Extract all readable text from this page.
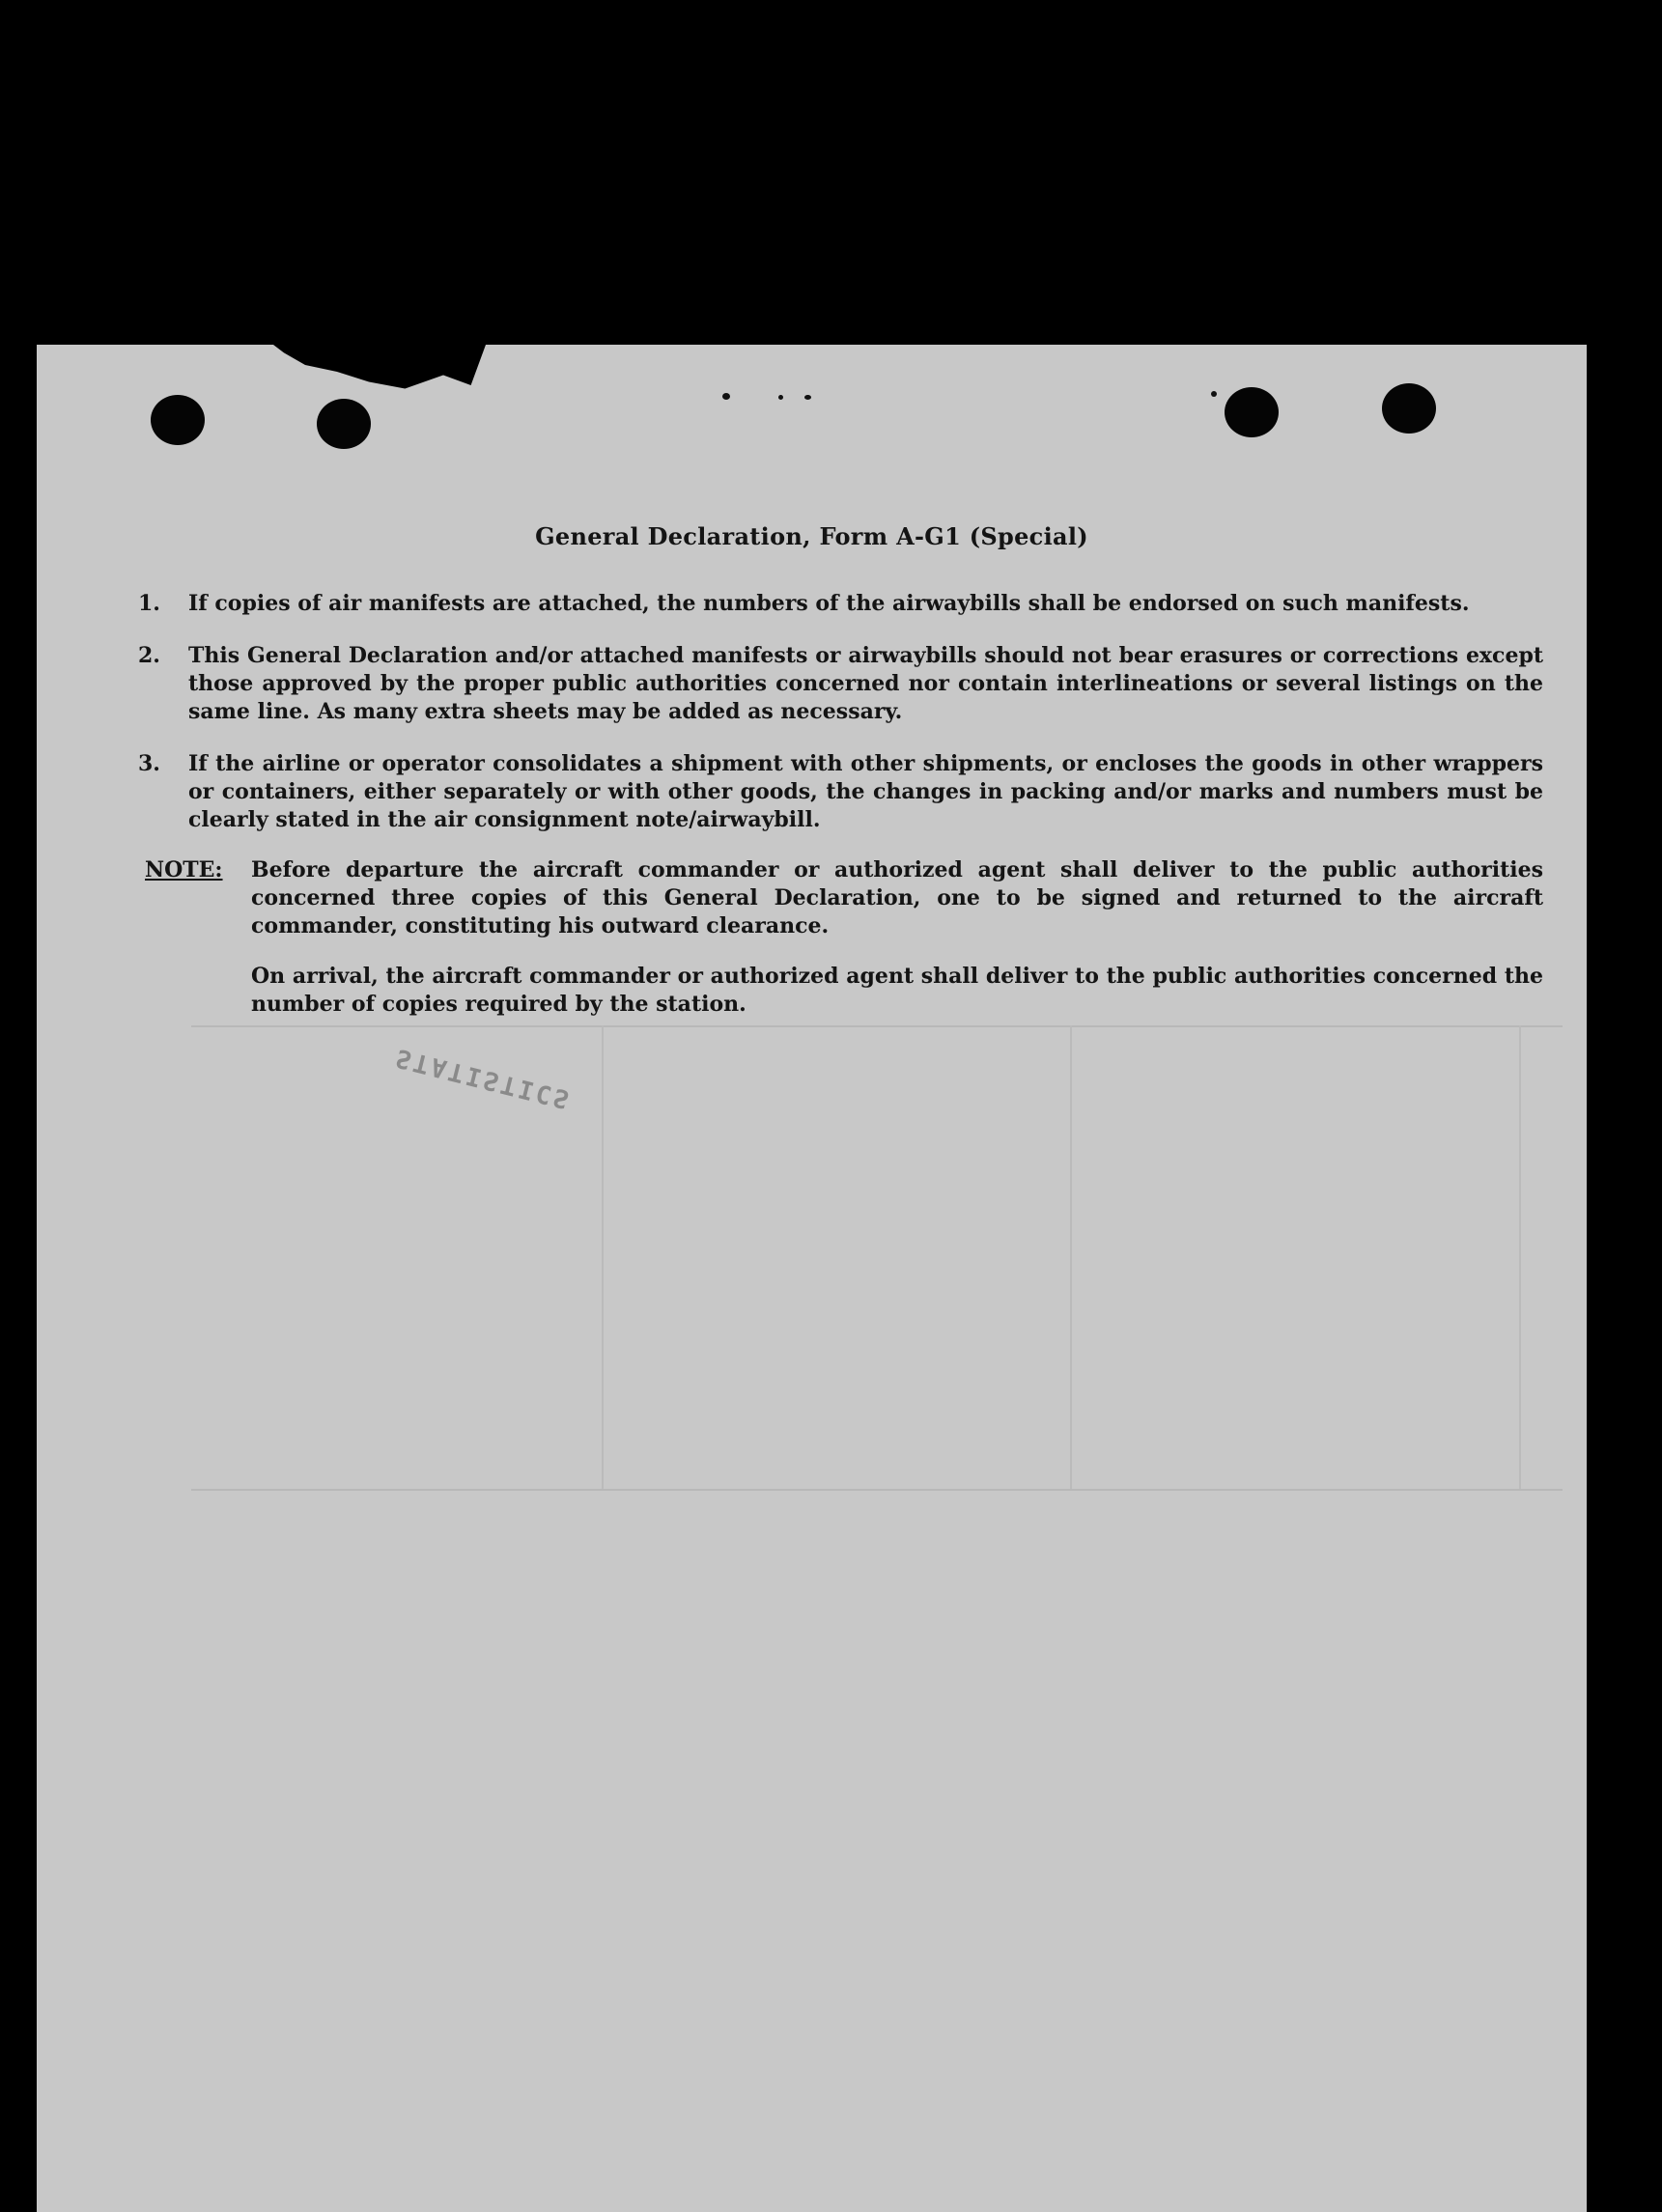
General Declaration, Form A-G1 (Special)
1. If copies of air manifests are attached, the numbers of the airwaybills shall be endorsed on such manifests.
2. This General Declaration and/or attached manifests or airwaybills should not bear erasures or corrections except those approved by the proper public authorities concerned nor contain interlineations or several listings on the same line. As many extra sheets may be added as necessary.
3. If the airline or operator consolidates a shipment with other shipments, or encloses the goods in other wrappers or containers, either separately or with other goods, the changes in packing and/or marks and numbers must be clearly stated in the air consignment note/airwaybill.
NOTE: Before departure the aircraft commander or authorized agent shall deliver to the public authorities concerned three copies of this General Declaration, one to be signed and returned to the aircraft commander, constituting his outward clearance.
On arrival, the aircraft commander or authorized agent shall deliver to the public authorities concerned the number of copies required by the station.
STATISTICS
